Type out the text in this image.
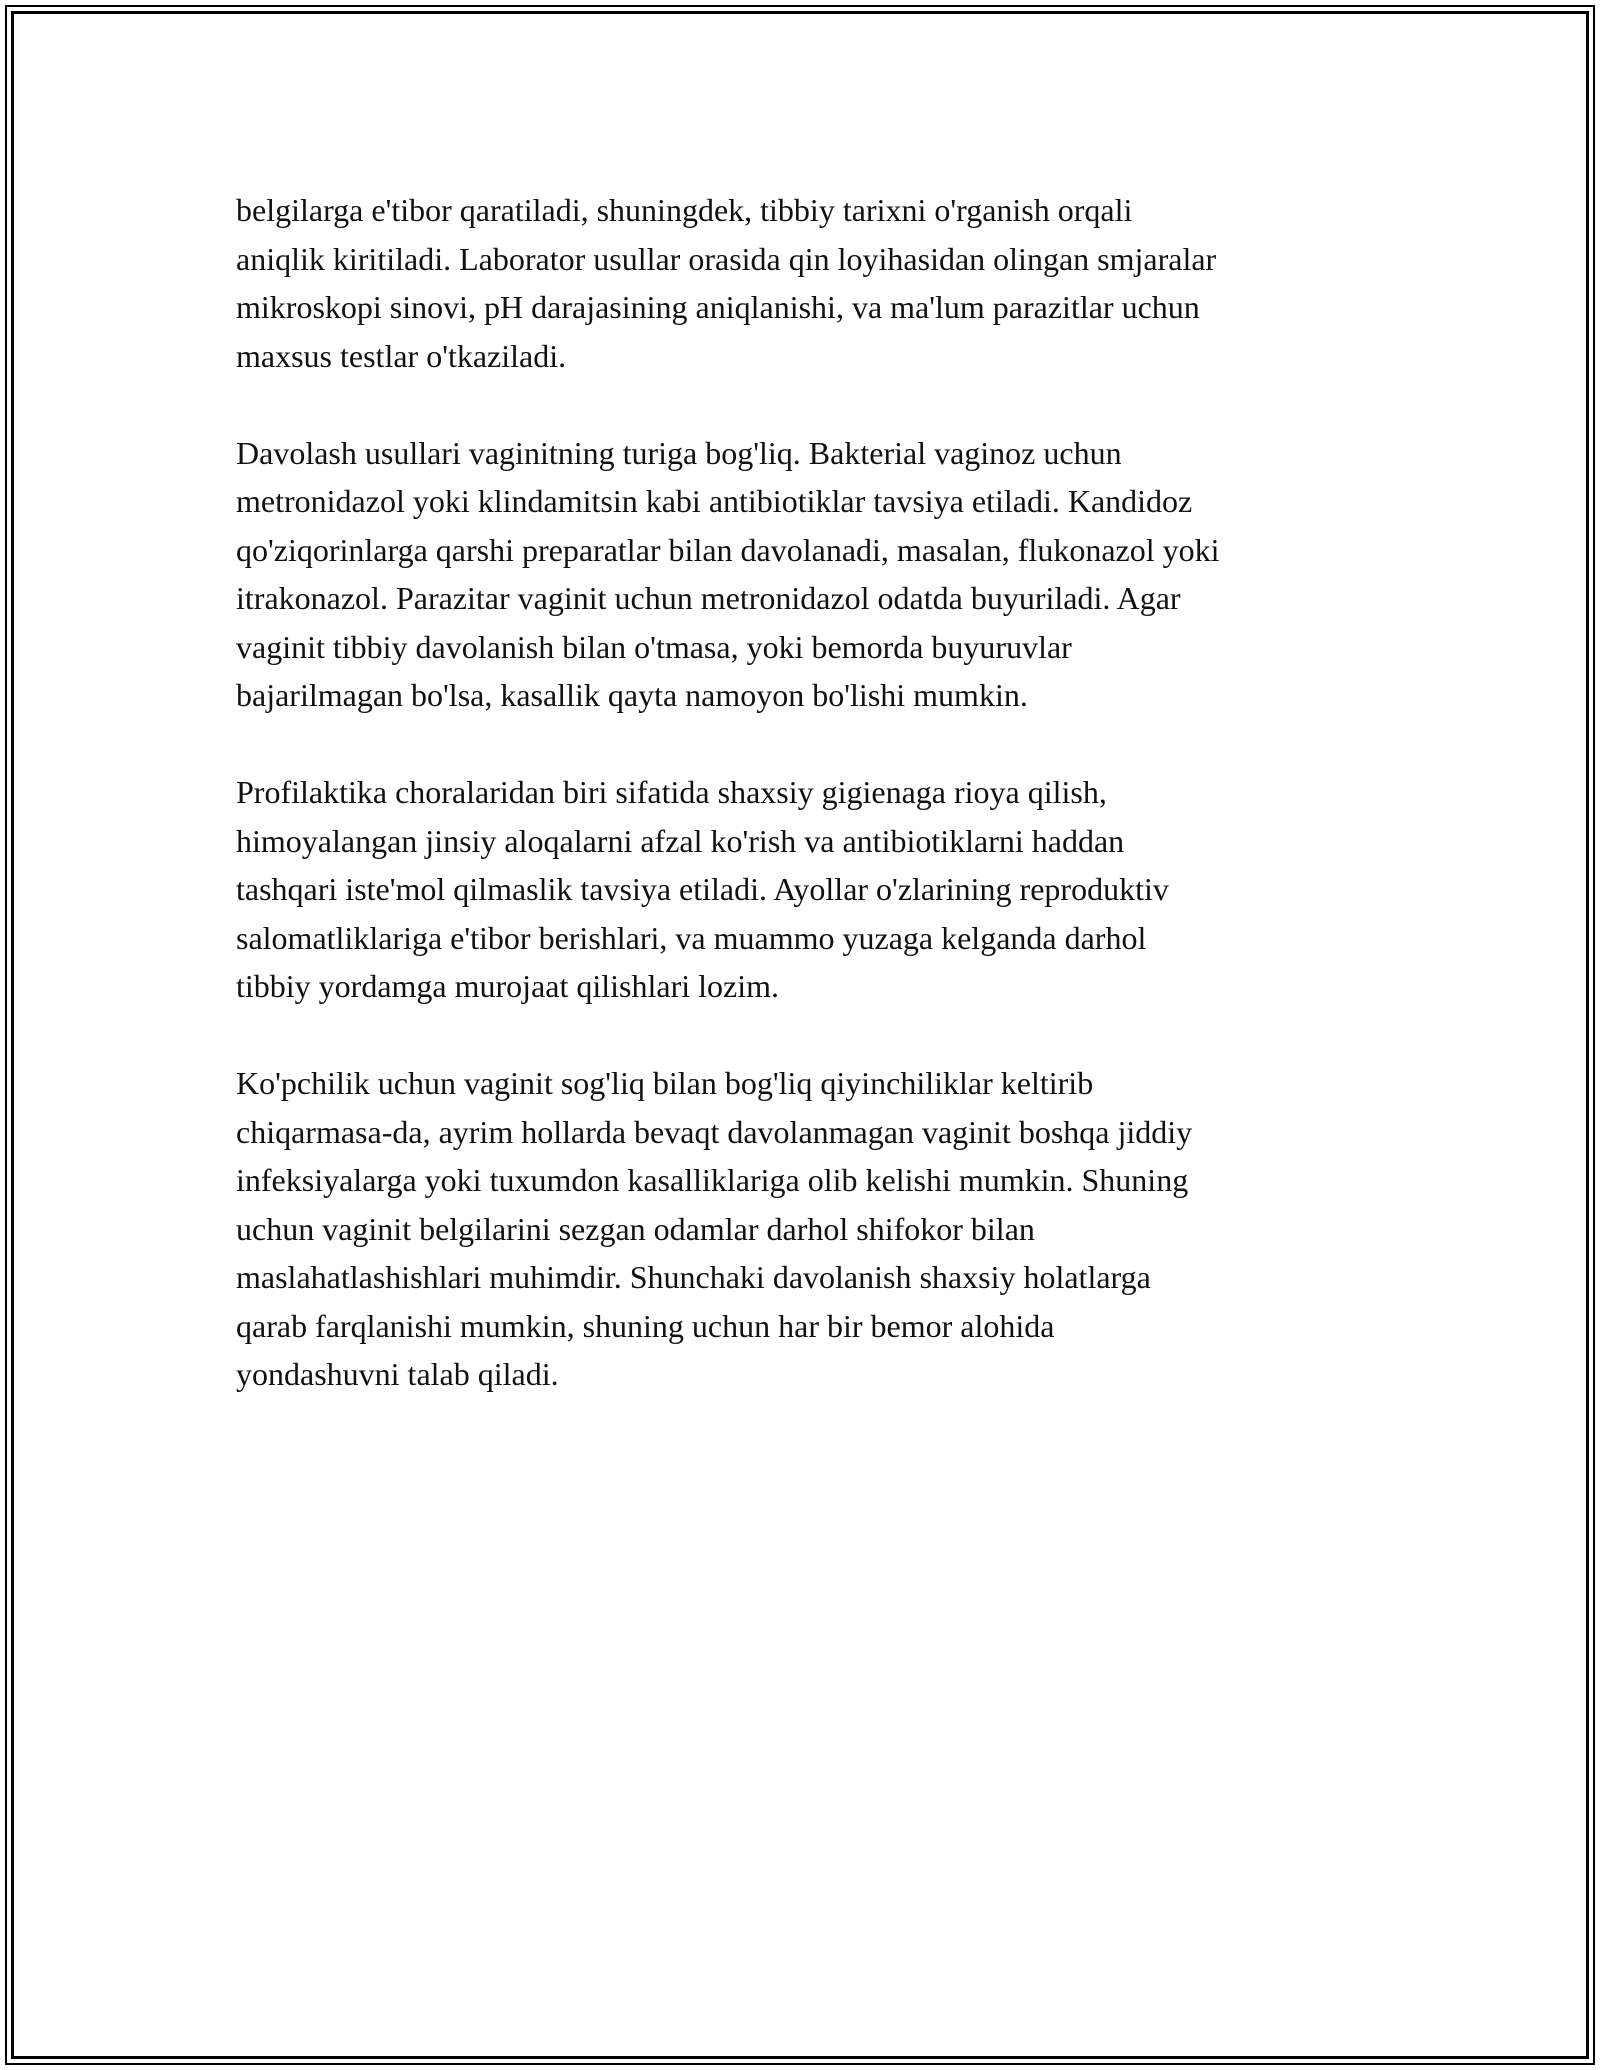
belgilarga e'tibor qaratiladi, shuningdek, tibbiy tarixni o'rganish orqali
aniqlik kiritiladi. Laborator usullar orasida qin loyihasidan olingan smjaralar
mikroskopi sinovi, pH darajasining aniqlanishi, va ma'lum parazitlar uchun
maxsus testlar o'tkaziladi.

Davolash usullari vaginitning turiga bog'liq. Bakterial vaginoz uchun
metronidazol yoki klindamitsin kabi antibiotiklar tavsiya etiladi. Kandidoz
qo'ziqorinlarga qarshi preparatlar bilan davolanadi, masalan, flukonazol yoki
itrakonazol. Parazitar vaginit uchun metronidazol odatda buyuriladi. Agar
vaginit tibbiy davolanish bilan o'tmasa, yoki bemorda buyuruvlar
bajarilmagan bo'lsa, kasallik qayta namoyon bo'lishi mumkin.

Profilaktika choralaridan biri sifatida shaxsiy gigienaga rioya qilish,
himoyalangan jinsiy aloqalarni afzal ko'rish va antibiotiklarni haddan
tashqari iste'mol qilmaslik tavsiya etiladi. Ayollar o'zlarining reproduktiv
salomatliklariga e'tibor berishlari, va muammo yuzaga kelganda darhol
tibbiy yordamga murojaat qilishlari lozim.

Ko'pchilik uchun vaginit sog'liq bilan bog'liq qiyinchiliklar keltirib
chiqarmasa-da, ayrim hollarda bevaqt davolanmagan vaginit boshqa jiddiy
infeksiyalarga yoki tuxumdon kasalliklariga olib kelishi mumkin. Shuning
uchun vaginit belgilarini sezgan odamlar darhol shifokor bilan
maslahatlashishlari muhimdir. Shunchaki davolanish shaxsiy holatlarga
qarab farqlanishi mumkin, shuning uchun har bir bemor alohida
yondashuvni talab qiladi.
